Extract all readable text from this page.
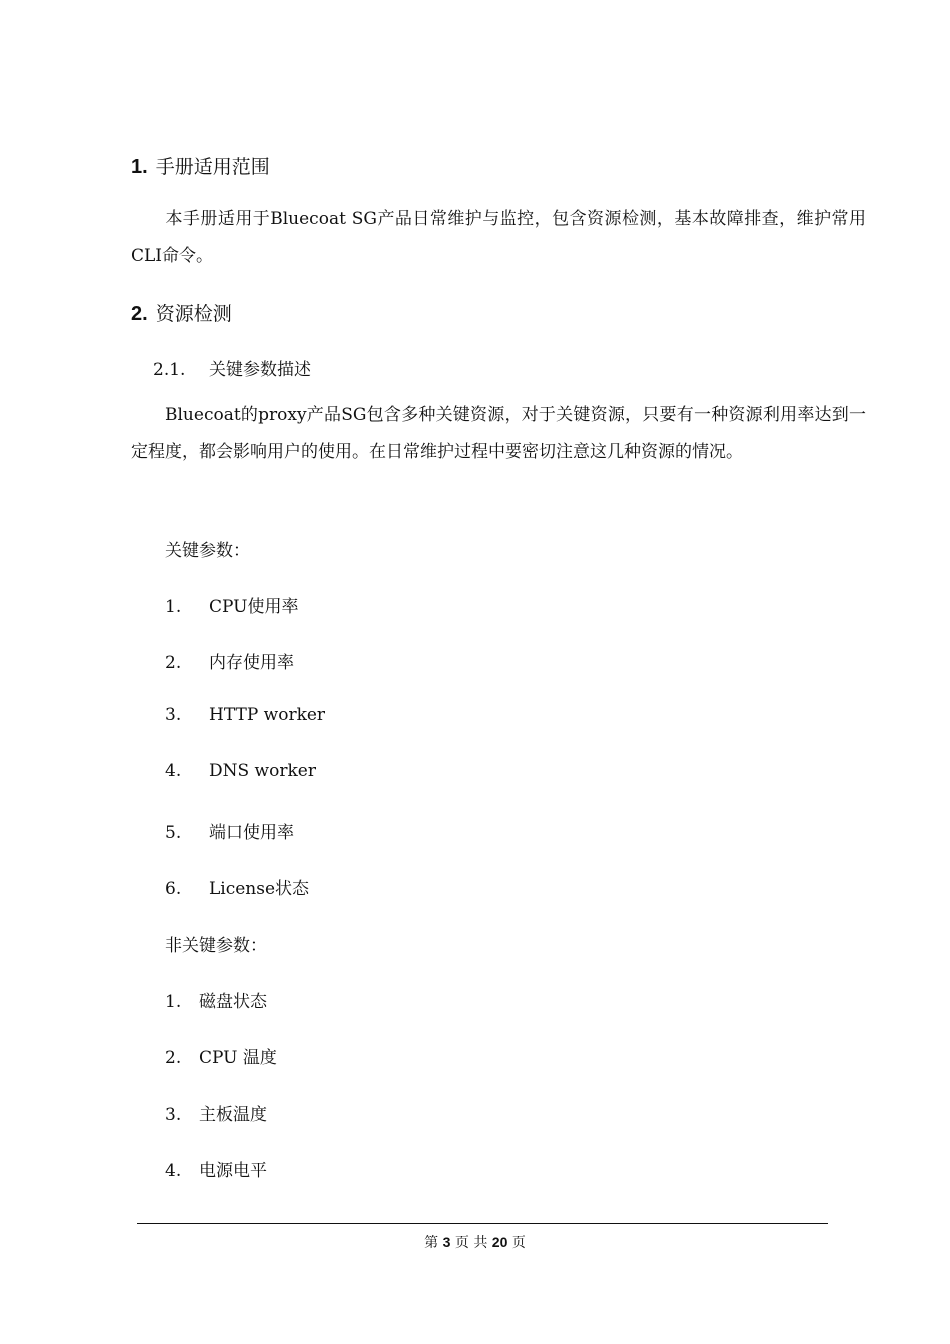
1. 手册适用范围
本手册适用于Bluecoat SG产品日常维护与监控，包含资源检测，基本故障排查，维护常用CLI命令。
2. 资源检测
2.1. 关键参数描述
Bluecoat的proxy产品SG包含多种关键资源，对于关键资源，只要有一种资源利用率达到一定程度，都会影响用户的使用。在日常维护过程中要密切注意这几种资源的情况。
关键参数：
1. CPU使用率
2. 内存使用率
3. HTTP worker
4. DNS worker
5. 端口使用率
6. License状态
非关键参数：
1. 磁盘状态
2. CPU 温度
3. 主板温度
4. 电源电平
第 3 页 共 20 页
